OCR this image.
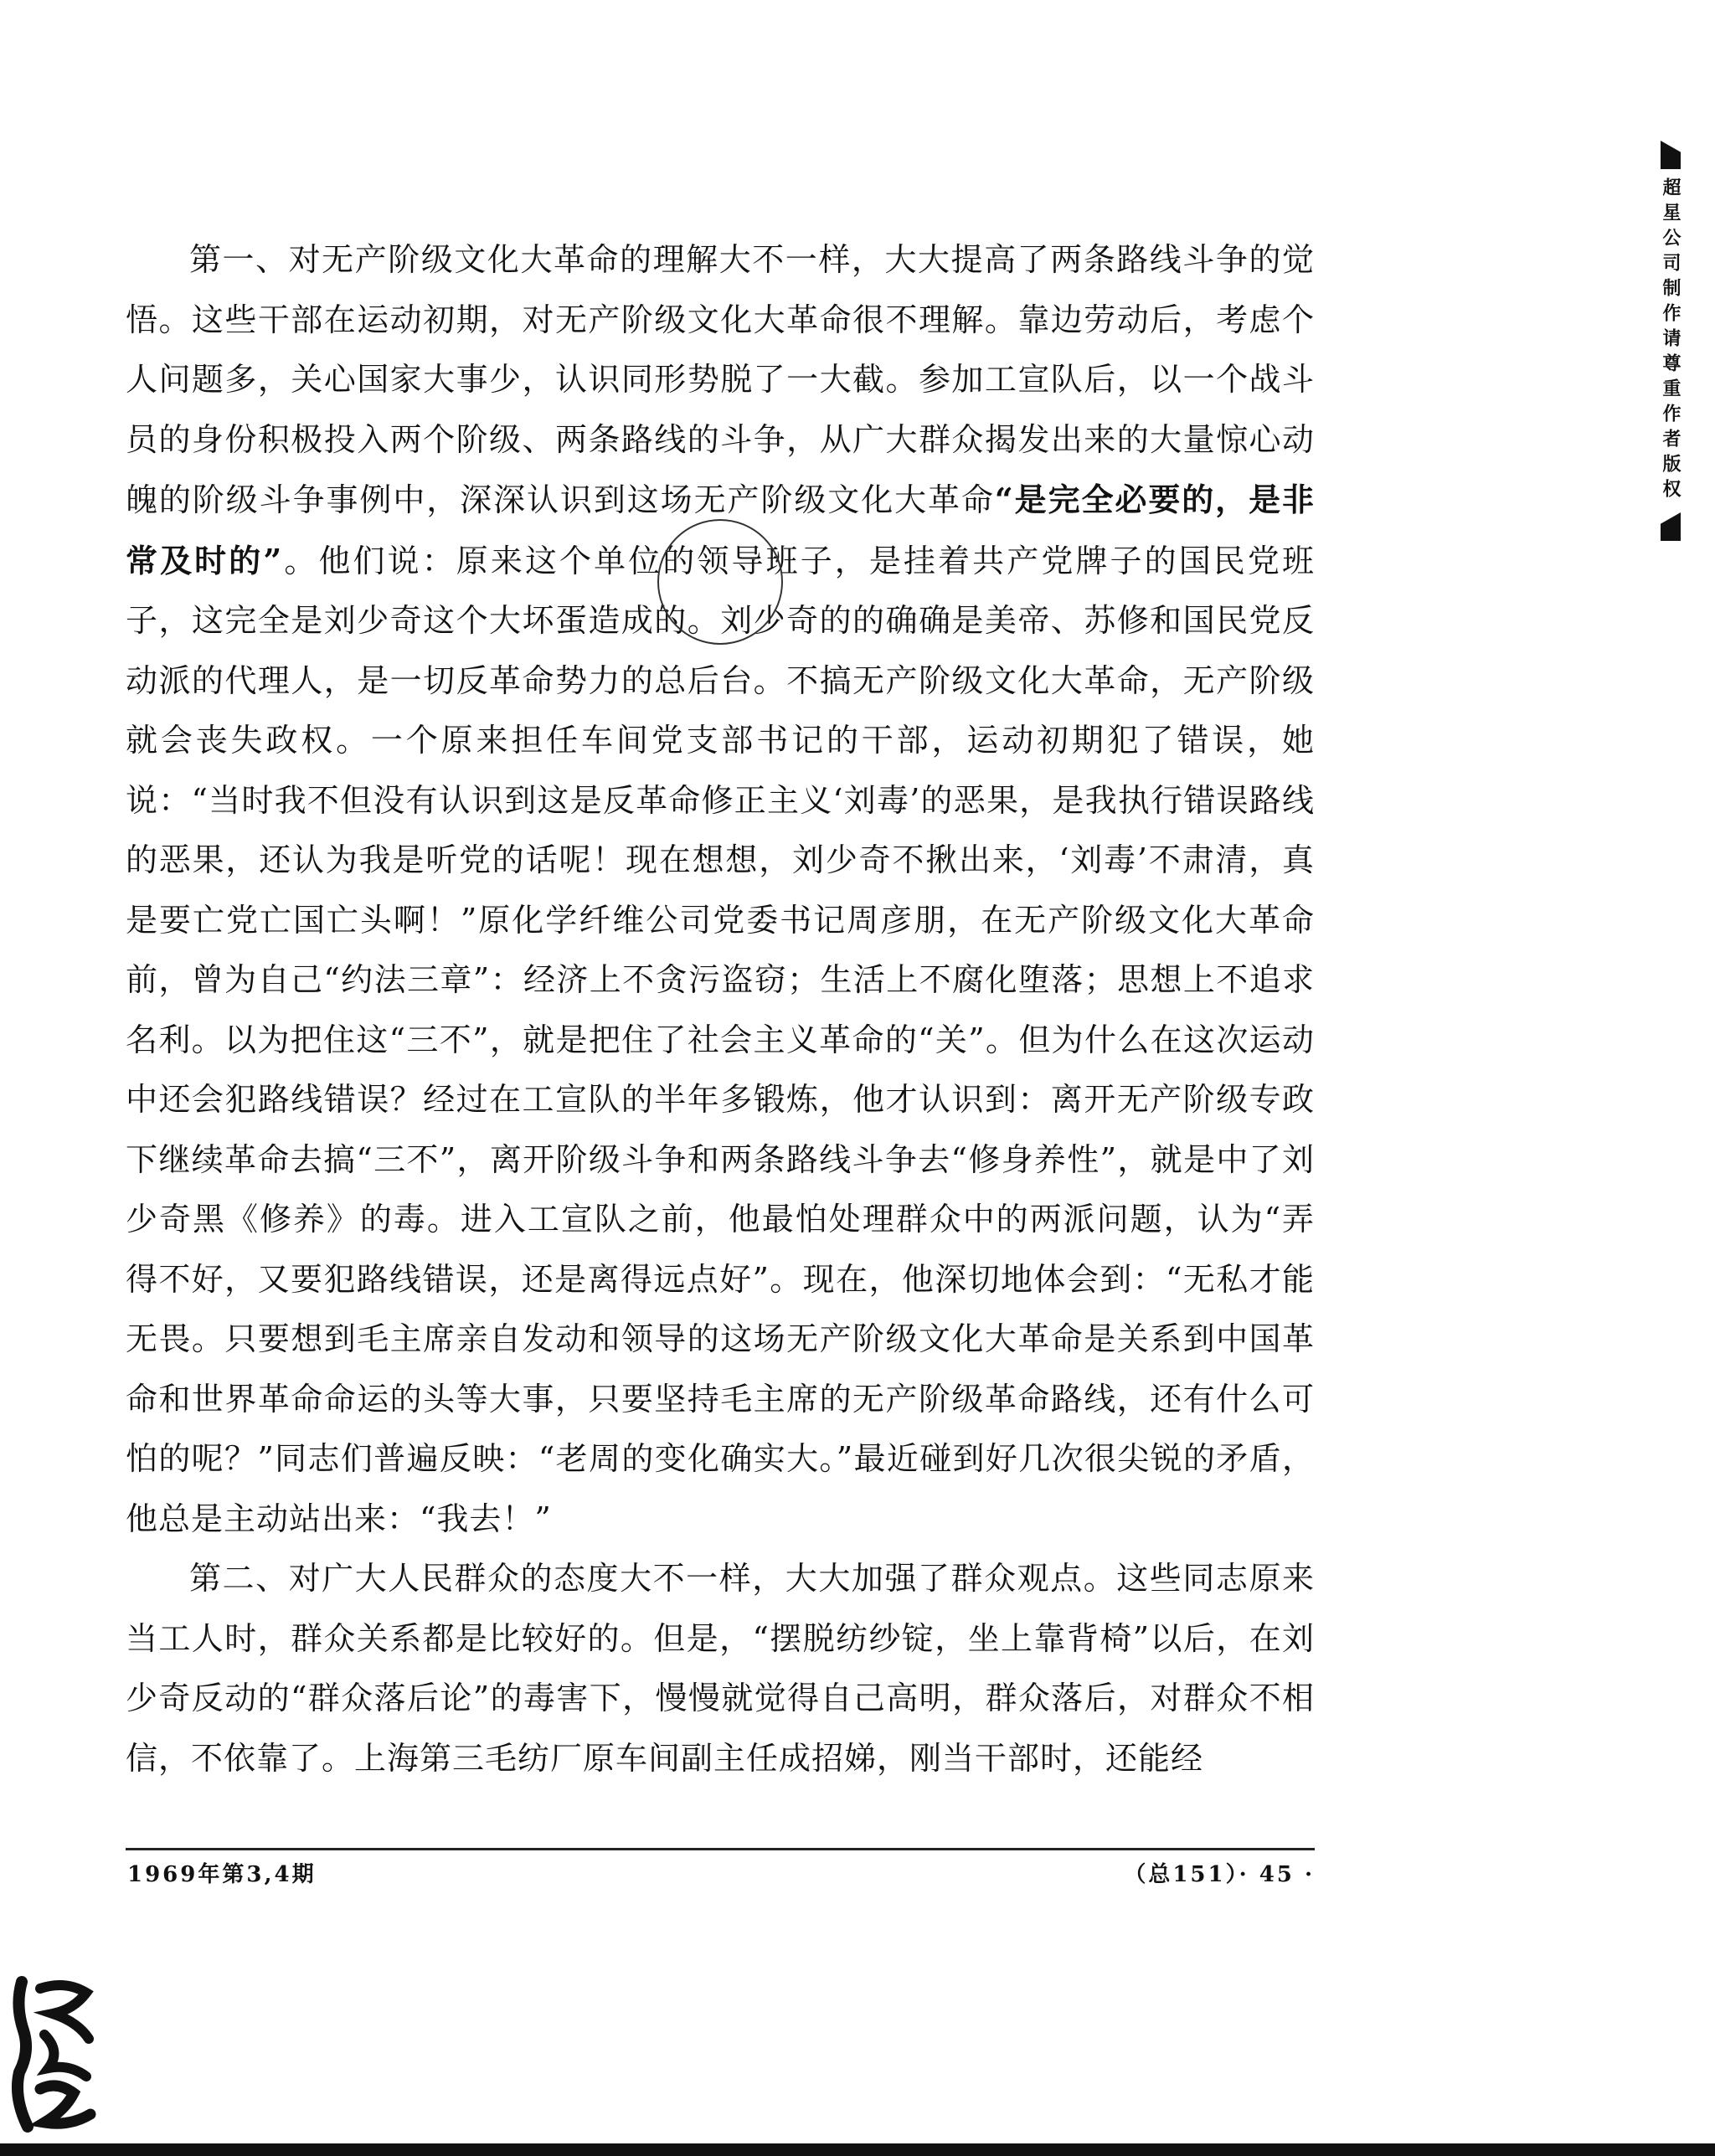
第一、对无产阶级文化大革命的理解大不一样，大大提高了两条路线斗争的觉悟。这些干部在运动初期，对无产阶级文化大革命很不理解。靠边劳动后，考虑个人问题多，关心国家大事少，认识同形势脱了一大截。参加工宣队后，以一个战斗员的身份积极投入两个阶级、两条路线的斗争，从广大群众揭发出来的大量惊心动魄的阶级斗争事例中，深深认识到这场无产阶级文化大革命“是完全必要的，是非常及时的”。他们说：原来这个单位的领导班子，是挂着共产党牌子的国民党班子，这完全是刘少奇这个大坏蛋造成的。刘少奇的的确确是美帝、苏修和国民党反动派的代理人，是一切反革命势力的总后台。不搞无产阶级文化大革命，无产阶级就会丧失政权。一个原来担任车间党支部书记的干部，运动初期犯了错误，她说：“当时我不但没有认识到这是反革命修正主义‘刘毒’的恶果，是我执行错误路线的恶果，还认为我是听党的话呢！现在想想，刘少奇不揪出来，‘刘毒’不肃清，真是要亡党亡国亡头啊！”原化学纤维公司党委书记周彦朋，在无产阶级文化大革命前，曾为自己“约法三章”：经济上不贪污盗窃；生活上不腐化堕落；思想上不追求名利。以为把住这“三不”，就是把住了社会主义革命的“关”。但为什么在这次运动中还会犯路线错误？经过在工宣队的半年多锻炼，他才认识到：离开无产阶级专政下继续革命去搞“三不”，离开阶级斗争和两条路线斗争去“修身养性”，就是中了刘少奇黑《修养》的毒。进入工宣队之前，他最怕处理群众中的两派问题，认为“弄得不好，又要犯路线错误，还是离得远点好”。现在，他深切地体会到：“无私才能无畏。只要想到毛主席亲自发动和领导的这场无产阶级文化大革命是关系到中国革命和世界革命命运的头等大事，只要坚持毛主席的无产阶级革命路线，还有什么可怕的呢？”同志们普遍反映：“老周的变化确实大。”最近碰到好几次很尖锐的矛盾，他总是主动站出来：“我去！”

第二、对广大人民群众的态度大不一样，大大加强了群众观点。这些同志原来当工人时，群众关系都是比较好的。但是，“摆脱纺纱锭，坐上靠背椅”以后，在刘少奇反动的“群众落后论”的毒害下，慢慢就觉得自己高明，群众落后，对群众不相信，不依靠了。上海第三毛纺厂原车间副主任成招娣，刚当干部时，还能经

1969年第3,4期	（总151）· 45 ·
超星公司制作请尊重作者版权
